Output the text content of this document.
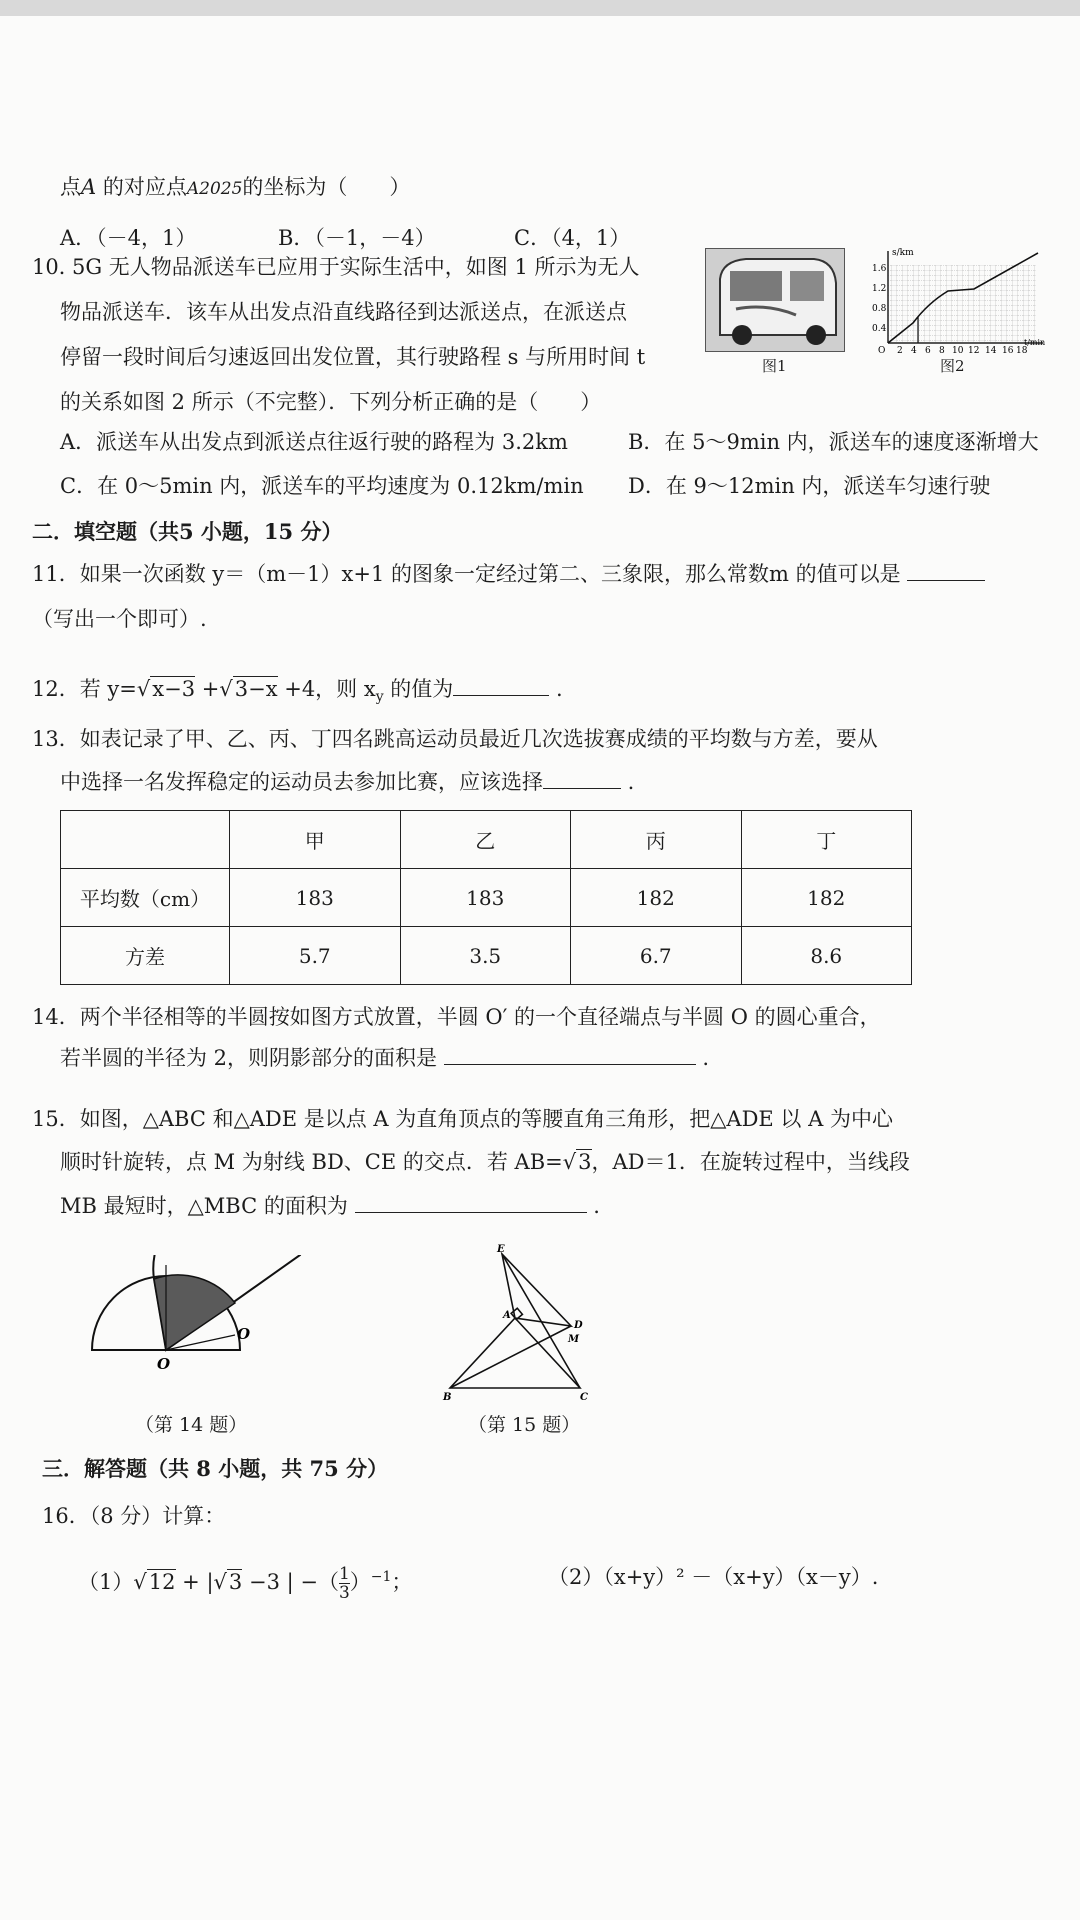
点A 的对应点A2025的坐标为（　　）
A．（－4，1）	B．（－1，－4）	C．（4，1）
10．
5G 无人物品派送车已应用于实际生活中，如图 1 所示为无人
物品派送车．该车从出发点沿直线路径到达派送点，在派送点
停留一段时间后匀速返回出发位置，其行驶路程 s 与所用时间 t
的关系如图 2 所示（不完整）．下列分析正确的是（　　）
图1
s/km
1.6
1.2
0.8
0.4
O 2 4 6 8 10 12 14 16 18
t/min
图2
A．派送车从出发点到派送点往返行驶的路程为 3.2km	B．在 5～9min 内，派送车的速度逐渐增大
C．在 0～5min 内，派送车的平均速度为 0.12km/min D．在 9～12min 内，派送车匀速行驶
二．填空题（共5 小题，15 分）
11．如果一次函数 y＝（m－1）x+1 的图象一定经过第二、三象限，那么常数m 的值可以是
（写出一个即可）.
12．若 y=√x−3 +√3−x +4，则 $x_y$ 的值为	.
13．如表记录了甲、乙、丙、丁四名跳高运动员最近几次选拔赛成绩的平均数与方差，要从
中选择一名发挥稳定的运动员去参加比赛，应该选择	.
	甲	乙	丙	丁
平均数（cm）	183	183	182	182
方差	5.7	3.5	6.7	8.6
14．两个半径相等的半圆按如图方式放置，半圆 O′ 的一个直径端点与半圆 O 的圆心重合，
若半圆的半径为 2，则阴影部分的面积是	.
15．如图，△ABC 和△ADE 是以点 A 为直角顶点的等腰直角三角形，把△ADE 以 A 为中心
顺时针旋转，点 M 为射线 BD、CE 的交点．若 AB=√3，AD＝1．在旋转过程中，当线段
MB 最短时，△MBC 的面积为	.
O
O
（第 14 题）
E
A
D
M
B	C
（第 15 题）
三．解答题（共 8 小题，共 75 分）
16．（8 分）计算：
（1）√12 + |√3 −3 | −（ $\frac{1}{3} )^{-1}$；	（2）（x+y）² －（x+y）（x－y）.
